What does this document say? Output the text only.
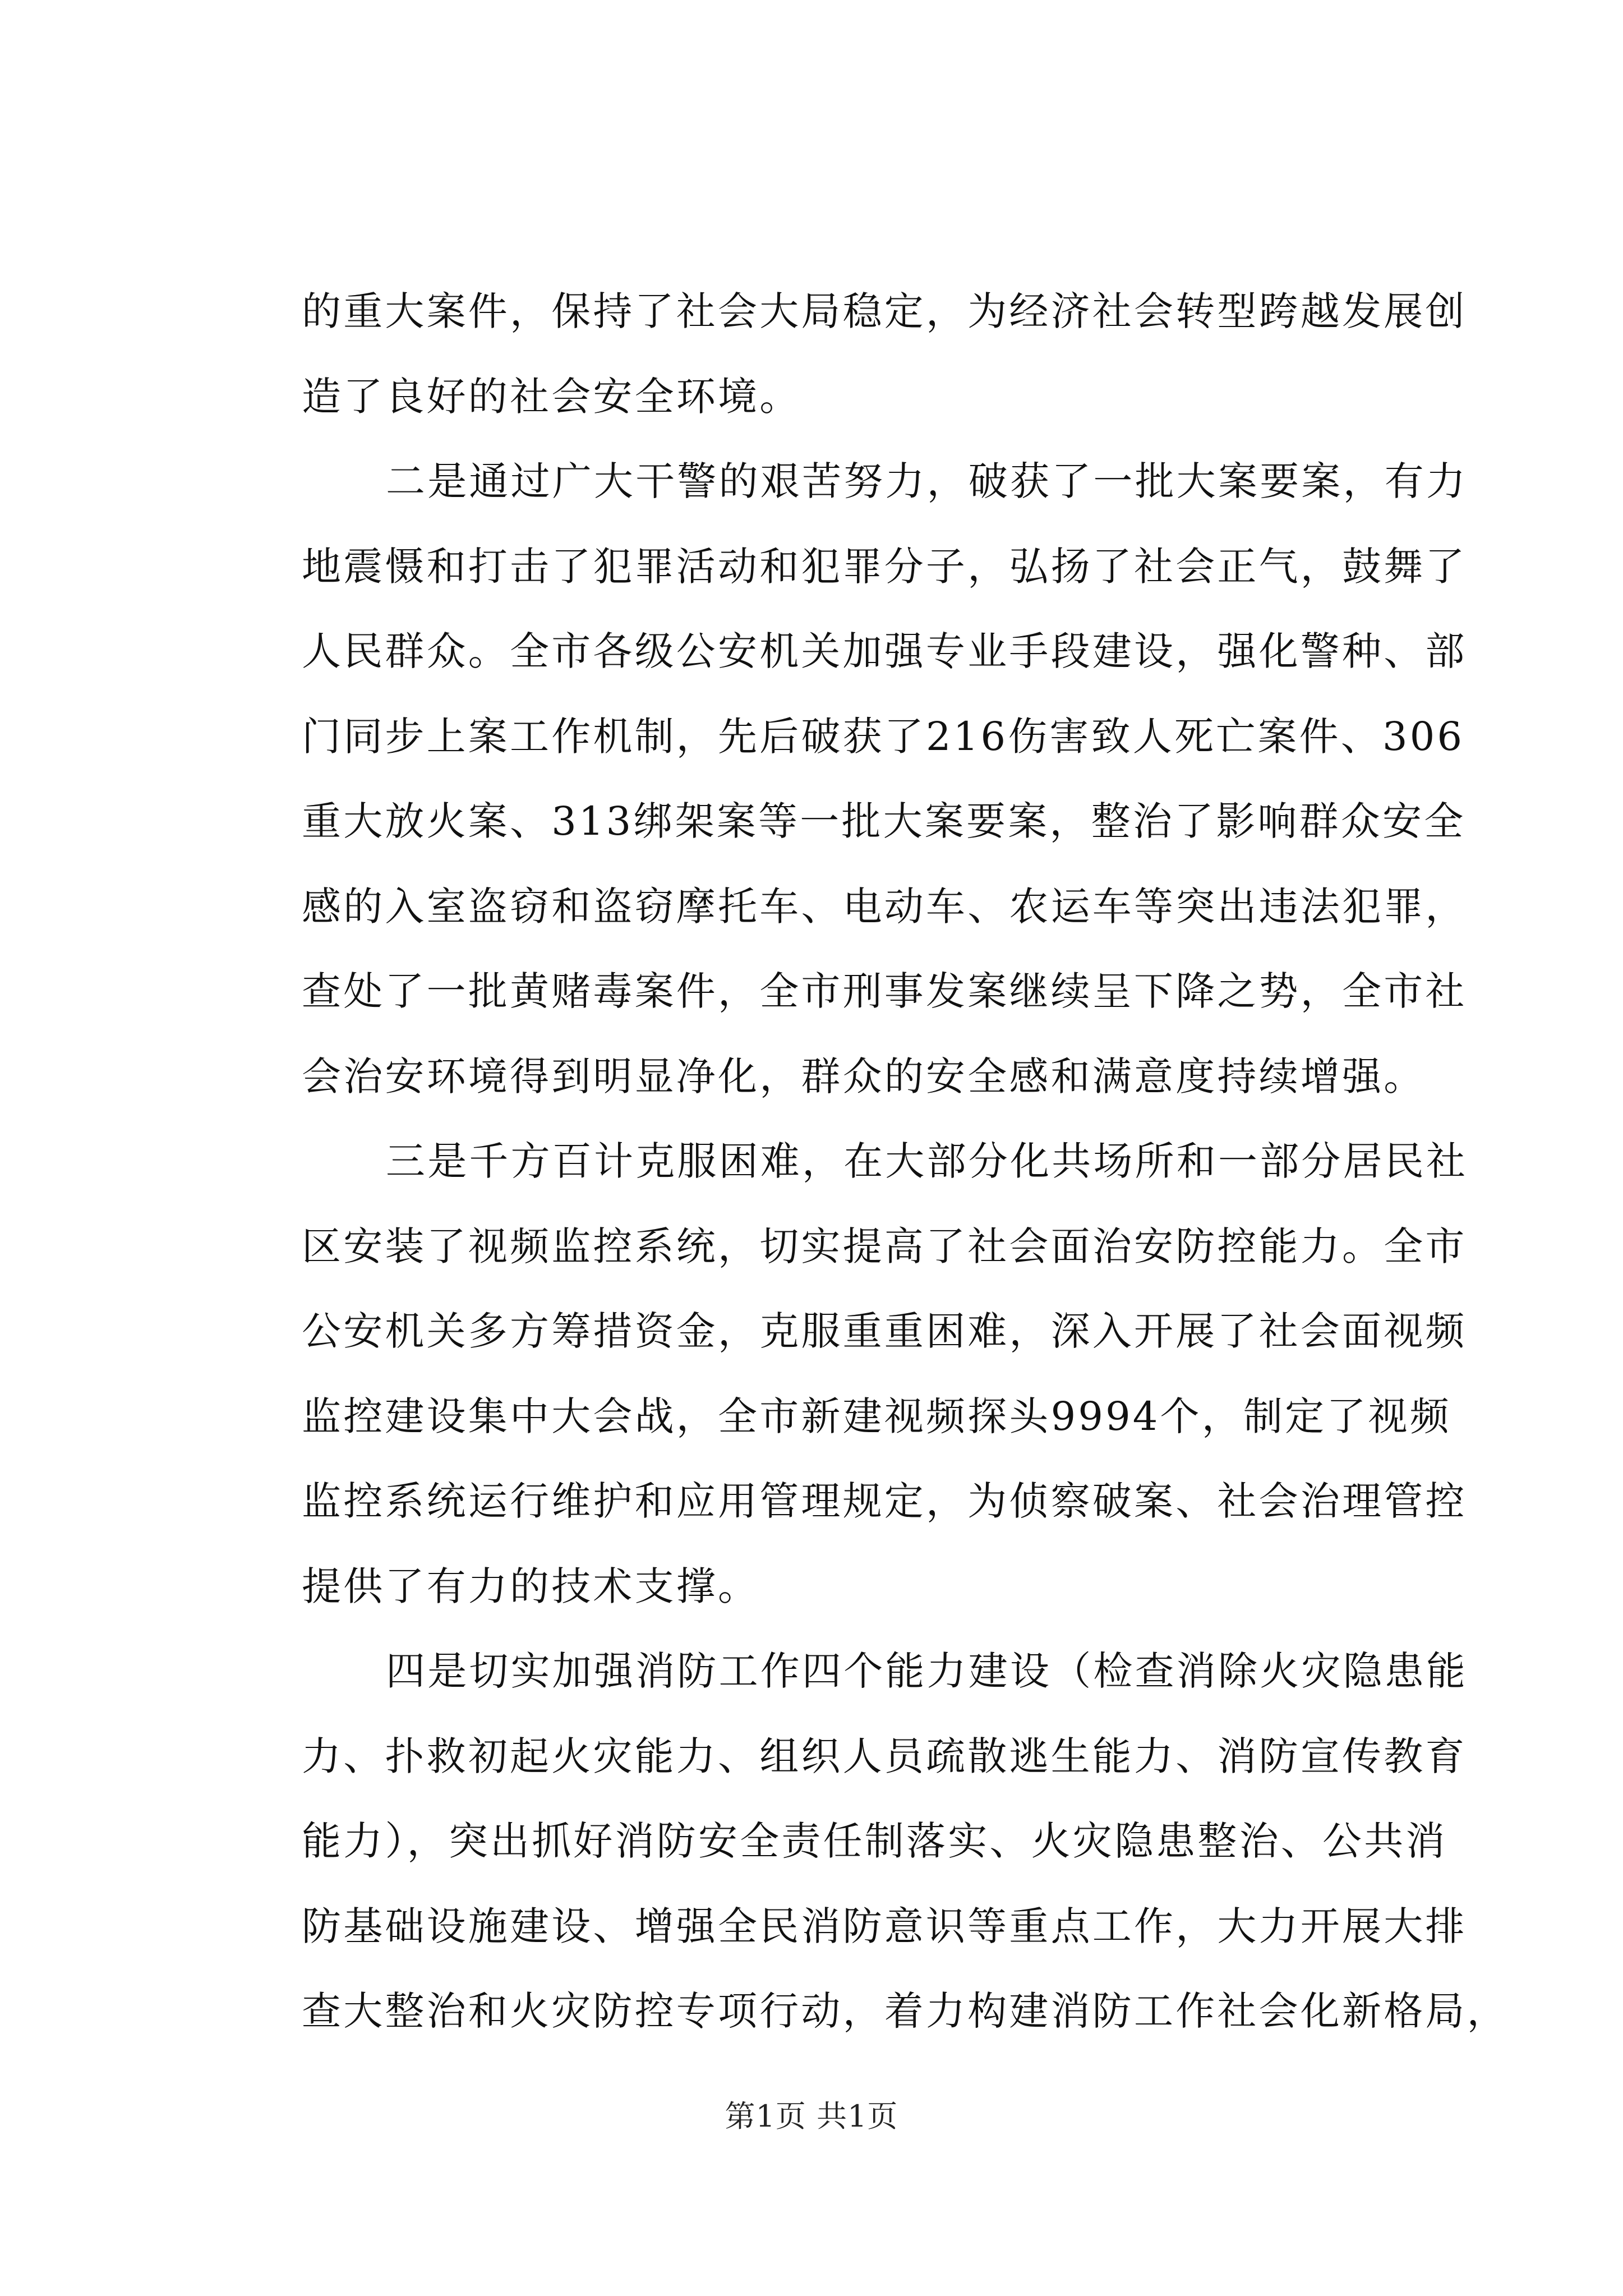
的重大案件，保持了社会大局稳定，为经济社会转型跨越发展创
造了良好的社会安全环境。
二是通过广大干警的艰苦努力，破获了一批大案要案，有力
地震慑和打击了犯罪活动和犯罪分子，弘扬了社会正气，鼓舞了
人民群众。全市各级公安机关加强专业手段建设，强化警种、部
门同步上案工作机制，先后破获了216伤害致人死亡案件、306
重大放火案、313绑架案等一批大案要案，整治了影响群众安全
感的入室盗窃和盗窃摩托车、电动车、农运车等突出违法犯罪，
查处了一批黄赌毒案件，全市刑事发案继续呈下降之势，全市社
会治安环境得到明显净化，群众的安全感和满意度持续增强。
三是千方百计克服困难，在大部分化共场所和一部分居民社
区安装了视频监控系统，切实提高了社会面治安防控能力。全市
公安机关多方筹措资金，克服重重困难，深入开展了社会面视频
监控建设集中大会战，全市新建视频探头9994个，制定了视频
监控系统运行维护和应用管理规定，为侦察破案、社会治理管控
提供了有力的技术支撑。
四是切实加强消防工作四个能力建设（检查消除火灾隐患能
力、扑救初起火灾能力、组织人员疏散逃生能力、消防宣传教育
能力），突出抓好消防安全责任制落实、火灾隐患整治、公共消
防基础设施建设、增强全民消防意识等重点工作，大力开展大排
查大整治和火灾防控专项行动，着力构建消防工作社会化新格局，
第1页 共1页
